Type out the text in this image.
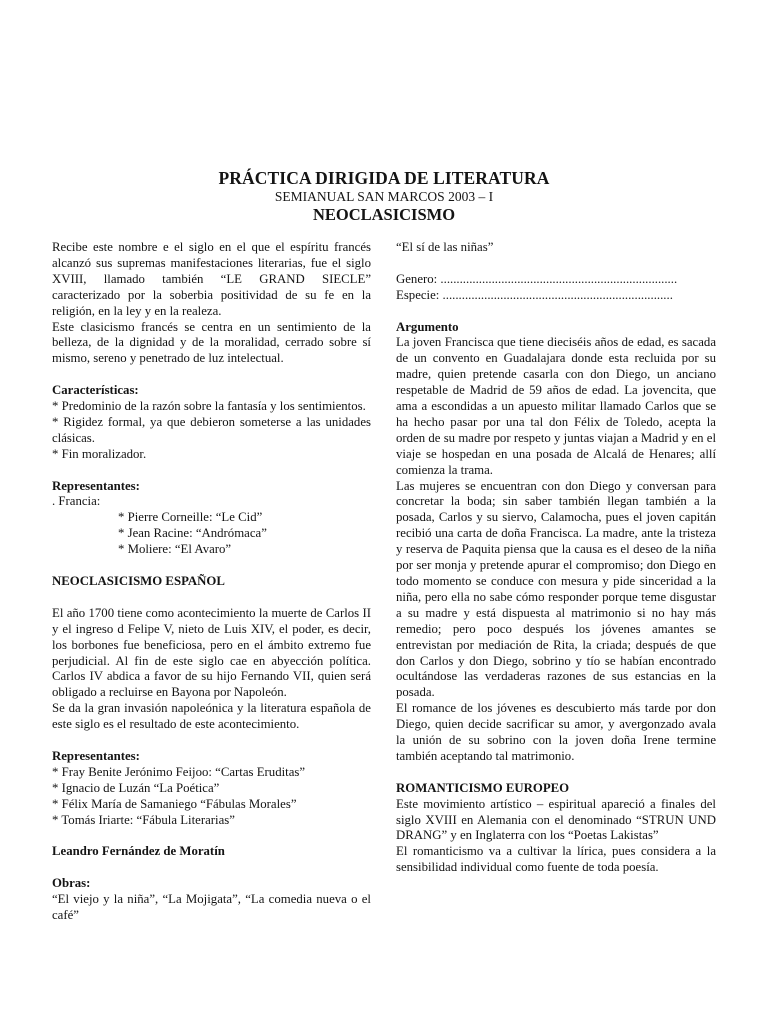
PRÁCTICA DIRIGIDA DE LITERATURA
SEMIANUAL SAN MARCOS 2003 – I
NEOCLASICISMO

Recibe este nombre e el siglo en el que el espíritu francés alcanzó sus supremas manifestaciones literarias, fue el siglo XVIII, llamado también “LE GRAND SIECLE” caracterizado por la soberbia positividad de su fe en la religión, en la ley y en la realeza.

Este clasicismo francés se centra en un sentimiento de la belleza, de la dignidad y de la moralidad, cerrado sobre sí mismo, sereno y penetrado de luz intelectual.

Características:

* Predominio de la razón sobre la fantasía y los sentimientos.

* Rigidez formal, ya que debieron someterse a las unidades clásicas.

* Fin moralizador.

Representantes:
. Francia:
* Pierre Corneille: “Le Cid”
* Jean Racine: “Andrómaca”
* Moliere: “El Avaro”
NEOCLASICISMO ESPAÑOL

El año 1700 tiene como acontecimiento la muerte de Carlos II y el ingreso d Felipe V, nieto de Luis XIV, el poder, es decir, los borbones fue beneficiosa, pero en el ámbito extremo fue perjudicial. Al fin de este siglo cae en abyección política. Carlos IV abdica a favor de su hijo Fernando VII, quien será obligado a recluirse en Bayona por Napoleón.

Se da la gran invasión napoleónica y la literatura española de este siglo es el resultado de este acontecimiento.

Representantes:
* Fray Benite Jerónimo Feijoo: “Cartas Eruditas”
* Ignacio de Luzán “La Poética”
* Félix María de Samaniego “Fábulas Morales”
* Tomás Iriarte: “Fábula Literarias”
Leandro Fernández de Moratín
Obras:

“El viejo y la niña”, “La Mojigata”, “La comedia nueva o el café”

“El sí de las niñas”
Genero: ..........................................................................
Especie: ........................................................................
Argumento

La joven Francisca que tiene dieciséis años de edad, es sacada de un convento en Guadalajara donde esta recluida por su madre, quien pretende casarla con don Diego, un anciano respetable de Madrid de 59 años de edad. La jovencita, que ama a escondidas a un apuesto militar llamado Carlos que se ha hecho pasar por una tal don Félix de Toledo, acepta la orden de su madre por respeto y juntas viajan a Madrid y en el viaje se hospedan en una posada de Alcalá de Henares; allí comienza la trama.

Las mujeres se encuentran con don Diego y conversan para concretar la boda; sin saber también llegan también a la posada, Carlos y su siervo, Calamocha, pues el joven capitán recibió una carta de doña Francisca. La madre, ante la tristeza y reserva de Paquita piensa que la causa es el deseo de la niña por ser monja y pretende apurar el compromiso; don Diego en todo momento se conduce con mesura y pide sinceridad a la niña, pero ella no sabe cómo responder porque teme disgustar a su madre y está dispuesta al matrimonio si no hay más remedio; pero poco después los jóvenes amantes se entrevistan por mediación de Rita, la criada; después de que don Carlos y don Diego, sobrino y tío se habían encontrado ocultándose las verdaderas razones de sus estancias en la posada.

El romance de los jóvenes es descubierto más tarde por don Diego, quien decide sacrificar su amor, y avergonzado avala la unión de su sobrino con la joven doña Irene termine también aceptando tal matrimonio.

ROMANTICISMO EUROPEO

Este movimiento artístico – espiritual apareció a finales del siglo XVIII en Alemania con el denominado “STRUN UND DRANG” y en Inglaterra con los “Poetas Lakistas”

El romanticismo va a cultivar la lírica, pues considera a la sensibilidad individual como fuente de toda poesía.
